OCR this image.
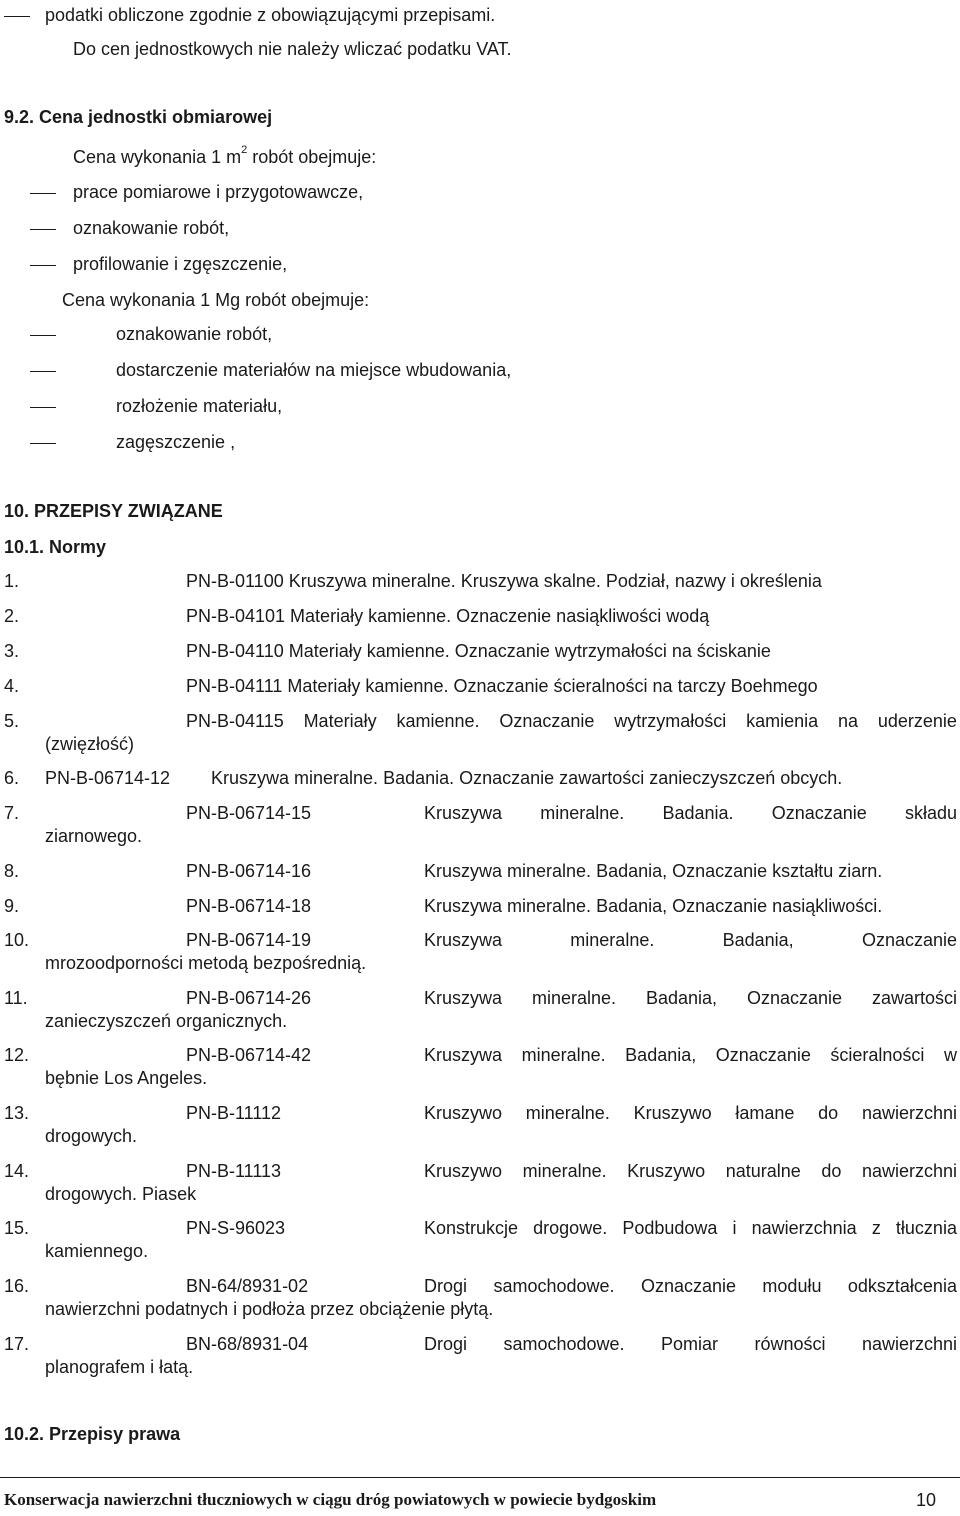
podatki obliczone zgodnie z obowiązującymi przepisami.
Do cen jednostkowych nie należy wliczać podatku VAT.
9.2. Cena jednostki obmiarowej
Cena wykonania 1 $m^2$ robót obejmuje:
prace pomiarowe i przygotowawcze,
oznakowanie robót,
profilowanie i zgęszczenie,
Cena wykonania 1 Mg robót obejmuje:
oznakowanie robót,
dostarczenie materiałów na miejsce wbudowania,
rozłożenie materiału,
zagęszczenie ,
10. PRZEPISY ZWIĄZANE
10.1. Normy
1.	PN-B-01100 Kruszywa mineralne. Kruszywa skalne. Podział, nazwy i określenia
2.	PN-B-04101 Materiały kamienne. Oznaczenie nasiąkliwości wodą
3.	PN-B-04110 Materiały kamienne. Oznaczanie wytrzymałości na ściskanie
4.	PN-B-04111 Materiały kamienne. Oznaczanie ścieralności na tarczy Boehmego
5.	PN-B-04115 Materiały kamienne. Oznaczanie wytrzymałości kamienia na uderzenie
(zwięzłość)
6. PN-B-06714-12 Kruszywa mineralne. Badania. Oznaczanie zawartości zanieczyszczeń obcych.
7.	PN-B-06714-15	Kruszywa mineralne. Badania. Oznaczanie składu
ziarnowego.
8.	PN-B-06714-16	Kruszywa mineralne. Badania, Oznaczanie kształtu ziarn.
9.	PN-B-06714-18	Kruszywa mineralne. Badania, Oznaczanie nasiąkliwości.
10.	PN-B-06714-19	Kruszywa	mineralne.	Badania,	Oznaczanie
mrozoodporności metodą bezpośrednią.
11.	PN-B-06714-26	Kruszywa mineralne. Badania, Oznaczanie zawartości
zanieczyszczeń organicznych.
12.	PN-B-06714-42	Kruszywa mineralne. Badania, Oznaczanie ścieralności w
bębnie Los Angeles.
13.	PN-B-11112	Kruszywo mineralne. Kruszywo łamane do nawierzchni
drogowych.
14.	PN-B-11113	Kruszywo mineralne. Kruszywo naturalne do nawierzchni
drogowych. Piasek
15.	PN-S-96023	Konstrukcje drogowe. Podbudowa i nawierzchnia z tłucznia
kamiennego.
16.	BN-64/8931-02	Drogi samochodowe. Oznaczanie modułu odkształcenia
nawierzchni podatnych i podłoża przez obciążenie płytą.
17.	BN-68/8931-04	Drogi samochodowe. Pomiar równości nawierzchni
planografem i łatą.
10.2. Przepisy prawa
Konserwacja nawierzchni tłuczniowych w ciągu dróg powiatowych w powiecie bydgoskim	10
